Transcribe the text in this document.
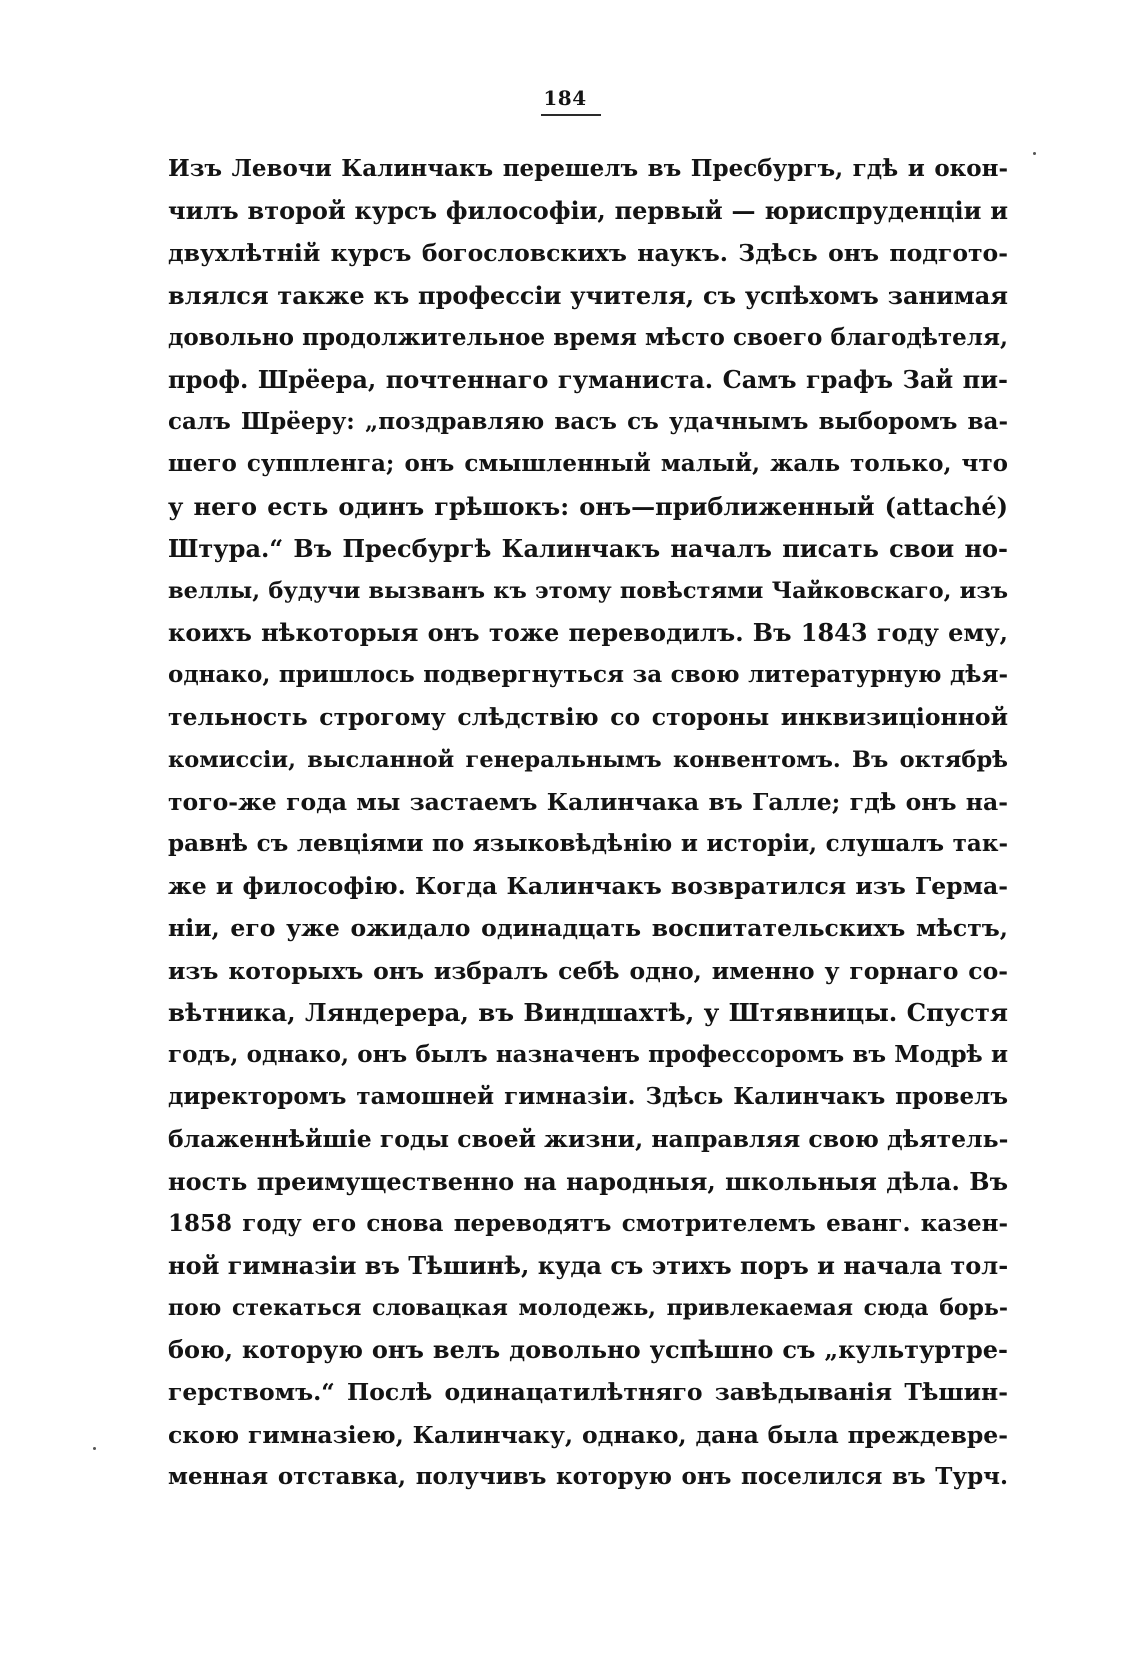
184
Изъ Левочи Калинчакъ перешелъ въ Пресбургъ, гдѣ и окон-
чилъ второй курсъ философіи, первый — юриспруденціи и
двухлѣтній курсъ богословскихъ наукъ. Здѣсь онъ подгото-
влялся также къ профессіи учителя, съ успѣхомъ занимая
довольно продолжительное время мѣсто своего благодѣтеля,
проф. Шрёера, почтеннаго гуманиста. Самъ графъ Зай пи-
салъ Шрёеру: „поздравляю васъ съ удачнымъ выборомъ ва-
шего суппленга; онъ смышленный малый, жаль только, что
у него есть одинъ грѣшокъ: онъ—приближенный (attaché)
Штура.“ Въ Пресбургѣ Калинчакъ началъ писать свои но-
веллы, будучи вызванъ къ этому повѣстями Чайковскаго, изъ
коихъ нѣкоторыя онъ тоже переводилъ. Въ 1843 году ему,
однако, пришлось подвергнуться за свою литературную дѣя-
тельность строгому слѣдствію со стороны инквизиціонной
комиссіи, высланной генеральнымъ конвентомъ. Въ октябрѣ
того-же года мы застаемъ Калинчака въ Галле; гдѣ онъ на-
равнѣ съ левціями по языковѣдѣнію и исторіи, слушалъ так-
же и философію. Когда Калинчакъ возвратился изъ Герма-
ніи, его уже ожидало одинадцать воспитательскихъ мѣстъ,
изъ которыхъ онъ избралъ себѣ одно, именно у горнаго со-
вѣтника, Ляндерера, въ Виндшахтѣ, у Штявницы. Спустя
годъ, однако, онъ былъ назначенъ профессоромъ въ Модрѣ и
директоромъ тамошней гимназіи. Здѣсь Калинчакъ провелъ
блаженнѣйшіе годы своей жизни, направляя свою дѣятель-
ность преимущественно на народныя, школьныя дѣла. Въ
1858 году его снова переводятъ смотрителемъ еванг. казен-
ной гимназіи въ Тѣшинѣ, куда съ этихъ поръ и начала тол-
пою стекаться словацкая молодежь, привлекаемая сюда борь-
бою, которую онъ велъ довольно успѣшно съ „культуртре-
герствомъ.“ Послѣ одинацатилѣтняго завѣдыванія Тѣшин-
скою гимназіею, Калинчаку, однако, дана была преждевре-
менная отставка, получивъ которую онъ поселился въ Турч.
